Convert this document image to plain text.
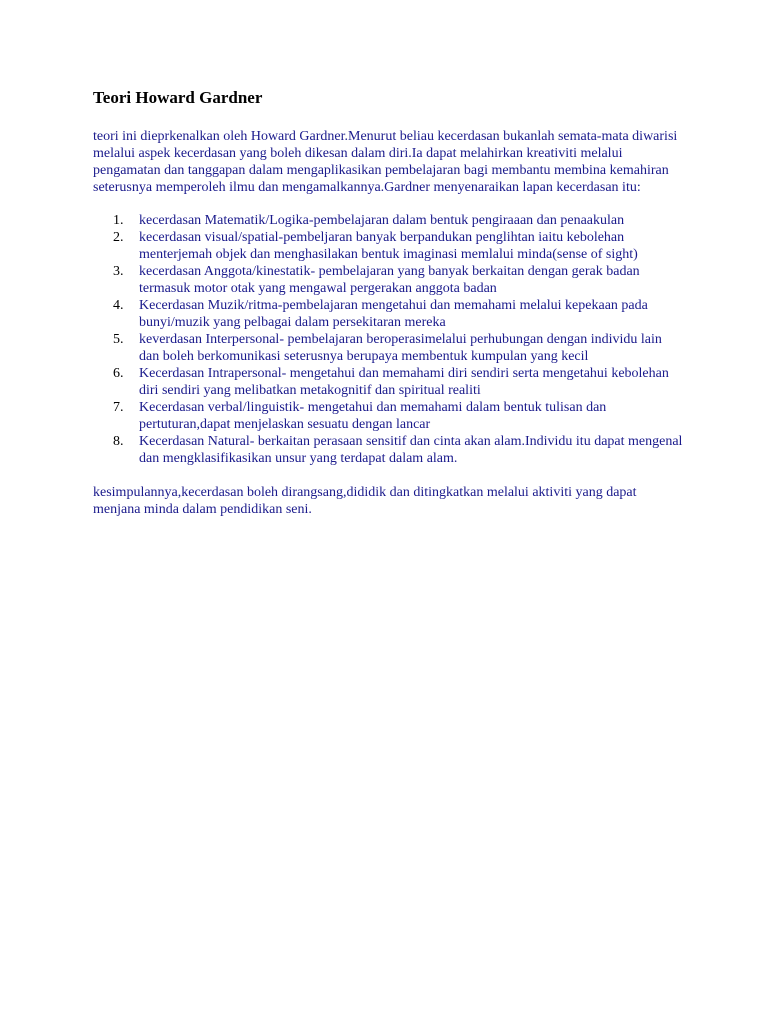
Teori Howard Gardner

teori ini dieprkenalkan oleh Howard Gardner.Menurut beliau kecerdasan bukanlah semata-mata diwarisi melalui aspek kecerdasan yang boleh dikesan dalam diri.Ia dapat melahirkan kreativiti melalui pengamatan dan tanggapan dalam mengaplikasikan pembelajaran bagi membantu membina kemahiran seterusnya memperoleh ilmu dan mengamalkannya.Gardner menyenaraikan lapan kecerdasan itu:

1. kecerdasan Matematik/Logika-pembelajaran dalam bentuk pengiraaan dan penaakulan
2. kecerdasan visual/spatial-pembeljaran banyak berpandukan penglihtan iaitu kebolehan menterjemah objek dan menghasilakan bentuk imaginasi memlalui minda(sense of sight)
3. kecerdasan Anggota/kinestatik- pembelajaran yang banyak berkaitan dengan gerak badan termasuk motor otak yang mengawal pergerakan anggota badan
4. Kecerdasan Muzik/ritma-pembelajaran mengetahui dan memahami melalui kepekaan pada bunyi/muzik yang pelbagai dalam persekitaran mereka
5. keverdasan Interpersonal- pembelajaran beroperasimelalui perhubungan dengan individu lain dan boleh berkomunikasi seterusnya berupaya membentuk kumpulan yang kecil
6. Kecerdasan Intrapersonal- mengetahui dan memahami diri sendiri serta mengetahui kebolehan diri sendiri yang melibatkan metakognitif dan spiritual realiti
7. Kecerdasan verbal/linguistik- mengetahui dan memahami dalam bentuk tulisan dan pertuturan,dapat menjelaskan sesuatu dengan lancar
8. Kecerdasan Natural- berkaitan perasaan sensitif dan cinta akan alam.Individu itu dapat mengenal dan mengklasifikasikan unsur yang terdapat dalam alam.

kesimpulannya,kecerdasan boleh dirangsang,dididik dan ditingkatkan melalui aktiviti yang dapat menjana minda dalam pendidikan seni.
